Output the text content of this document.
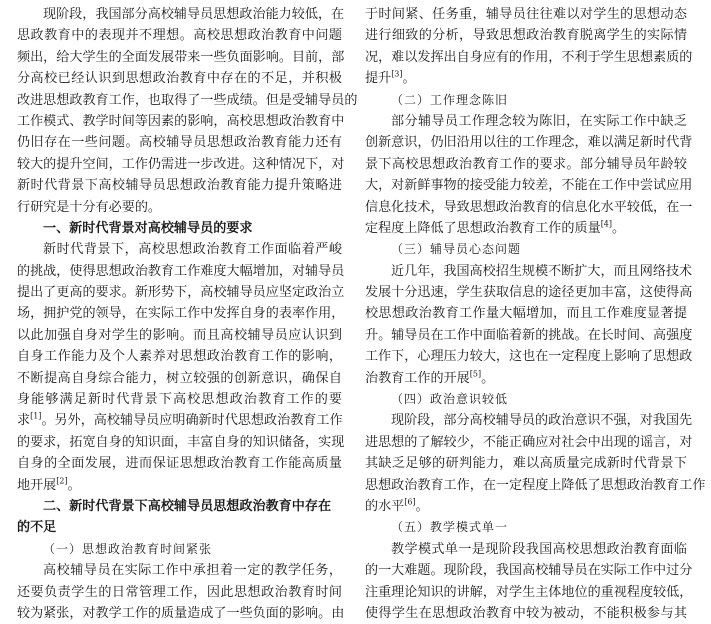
现阶段，我国部分高校辅导员思想政治能力较低，在
思政教育中的表现并不理想。高校思想政治教育中问题
频出，给大学生的全面发展带来一些负面影响。目前，部
分高校已经认识到思想政治教育中存在的不足，并积极
改进思想政教育工作，也取得了一些成绩。但是受辅导员的
工作模式、教学时间等因素的影响，高校思想政治教育中
仍旧存在一些问题。高校辅导员思想政治教育能力还有
较大的提升空间，工作仍需进一步改进。这种情况下，对
新时代背景下高校辅导员思想政治教育能力提升策略进
行研究是十分有必要的。
一、新时代背景对高校辅导员的要求
新时代背景下，高校思想政治教育工作面临着严峻
的挑战，使得思想政治教育工作难度大幅增加，对辅导员
提出了更高的要求。新形势下，高校辅导员应坚定政治立
场，拥护党的领导，在实际工作中发挥自身的表率作用，
以此加强自身对学生的影响。而且高校辅导员应认识到
自身工作能力及个人素养对思想政治教育工作的影响，
不断提高自身综合能力，树立较强的创新意识，确保自
身能够满足新时代背景下高校思想政治教育工作的要
求[1]。另外，高校辅导员应明确新时代思想政治教育工作
的要求，拓宽自身的知识面，丰富自身的知识储备，实现
自身的全面发展，进而保证思想政治教育工作能高质量
地开展[2]。
二、新时代背景下高校辅导员思想政治教育中存在
的不足
（一）思想政治教育时间紧张
高校辅导员在实际工作中承担着一定的教学任务，
还要负责学生的日常管理工作，因此思想政治教育时间
较为紧张，对教学工作的质量造成了一些负面的影响。由
于时间紧、任务重，辅导员往往难以对学生的思想动态
进行细致的分析，导致思想政治教育脱离学生的实际情
况，难以发挥出自身应有的作用，不利于学生思想素质的
提升[3]。
（二）工作理念陈旧
部分辅导员工作理念较为陈旧，在实际工作中缺乏
创新意识，仍旧沿用以往的工作理念，难以满足新时代背
景下高校思想政治教育工作的要求。部分辅导员年龄较
大，对新鲜事物的接受能力较差，不能在工作中尝试应用
信息化技术，导致思想政治教育的信息化水平较低，在一
定程度上降低了思想政治教育工作的质量[4]。
（三）辅导员心态问题
近几年，我国高校招生规模不断扩大，而且网络技术
发展十分迅速，学生获取信息的途径更加丰富，这使得高
校思想政治教育工作量大幅增加，而且工作难度显著提
升。辅导员在工作中面临着新的挑战。在长时间、高强度
工作下，心理压力较大，这也在一定程度上影响了思想政
治教育工作的开展[5]。
（四）政治意识较低
现阶段，部分高校辅导员的政治意识不强，对我国先
进思想的了解较少，不能正确应对社会中出现的谣言，对
其缺乏足够的研判能力，难以高质量完成新时代背景下
思想政治教育工作，在一定程度上降低了思想政治教育工作
的水平[6]。
（五）教学模式单一
教学模式单一是现阶段我国高校思想政治教育面临
的一大难题。现阶段，我国高校辅导员在实际工作中过分
注重理论知识的讲解，对学生主体地位的重视程度较低，
使得学生在思想政治教育中较为被动，不能积极参与其
